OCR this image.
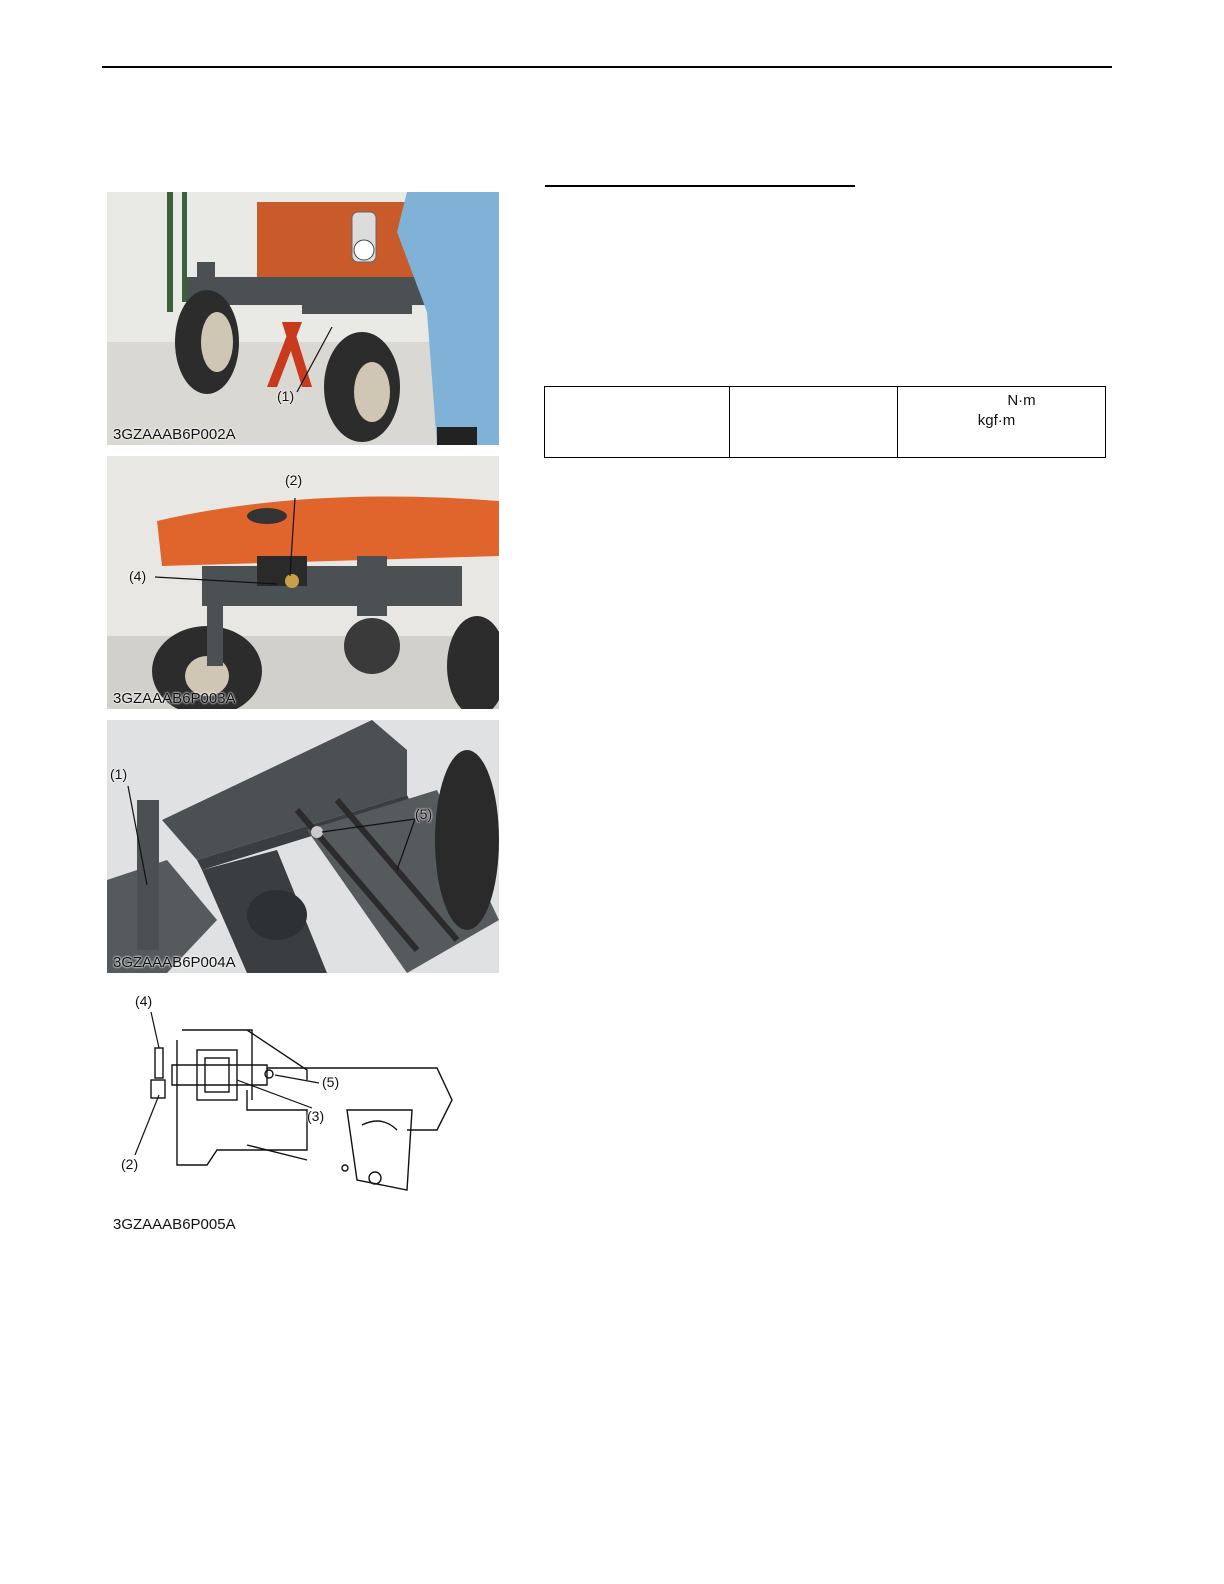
(1)
3GZAAAB6P002A
(2)
(4)
3GZAAAB6P003A
(1)
(5)
3GZAAAB6P004A
(4)
(5)
(3)
(2)
3GZAAAB6P005A

N·m
kgf·m
